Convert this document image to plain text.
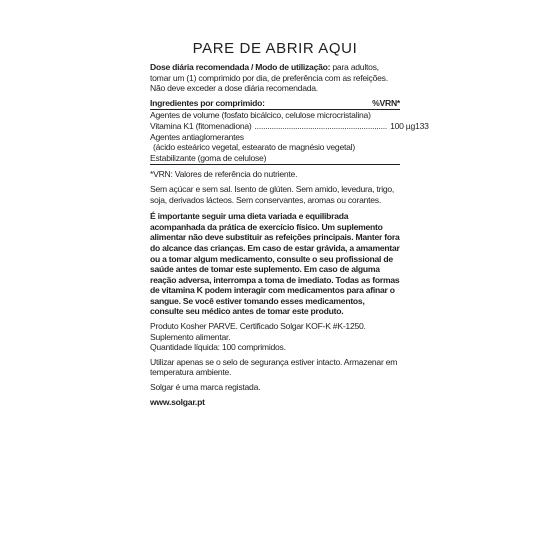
PARE DE ABRIR AQUI

Dose diária recomendada / Modo de utilização: para adultos, tomar um (1) comprimido por dia, de preferência com as refeições. Não deve exceder a dose diária recomendada.

Ingredientes por comprimido:	%VRN*
Agentes de volume (fosfato bicálcico, celulose microcristalina)
Vitamina K1 (fitomenadiona) .............................................................. 100 µg 133
Agentes antiaglomerantes
(ácido esteárico vegetal, estearato de magnésio vegetal)
Estabilizante (goma de celulose)

*VRN: Valores de referência do nutriente.

Sem açúcar e sem sal. Isento de glúten. Sem amido, levedura, trigo, soja, derivados lácteos. Sem conservantes, aromas ou corantes.

É importante seguir uma dieta variada e equilibrada acompanhada da prática de exercício físico. Um suplemento alimentar não deve substituir as refeições principais. Manter fora do alcance das crianças. Em caso de estar grávida, a amamentar ou a tomar algum medicamento, consulte o seu profissional de saúde antes de tomar este suplemento. Em caso de alguma reação adversa, interrompa a toma de imediato. Todas as formas de vitamina K podem interagir com medicamentos para afinar o sangue. Se você estiver tomando esses medicamentos, consulte seu médico antes de tomar este produto.

Produto Kosher PARVE. Certificado Solgar KOF-K #K-1250.
Suplemento alimentar.
Quantidade líquida: 100 comprimidos.

Utilizar apenas se o selo de segurança estiver intacto. Armazenar em temperatura ambiente.

Solgar é uma marca registada.

www.solgar.pt
